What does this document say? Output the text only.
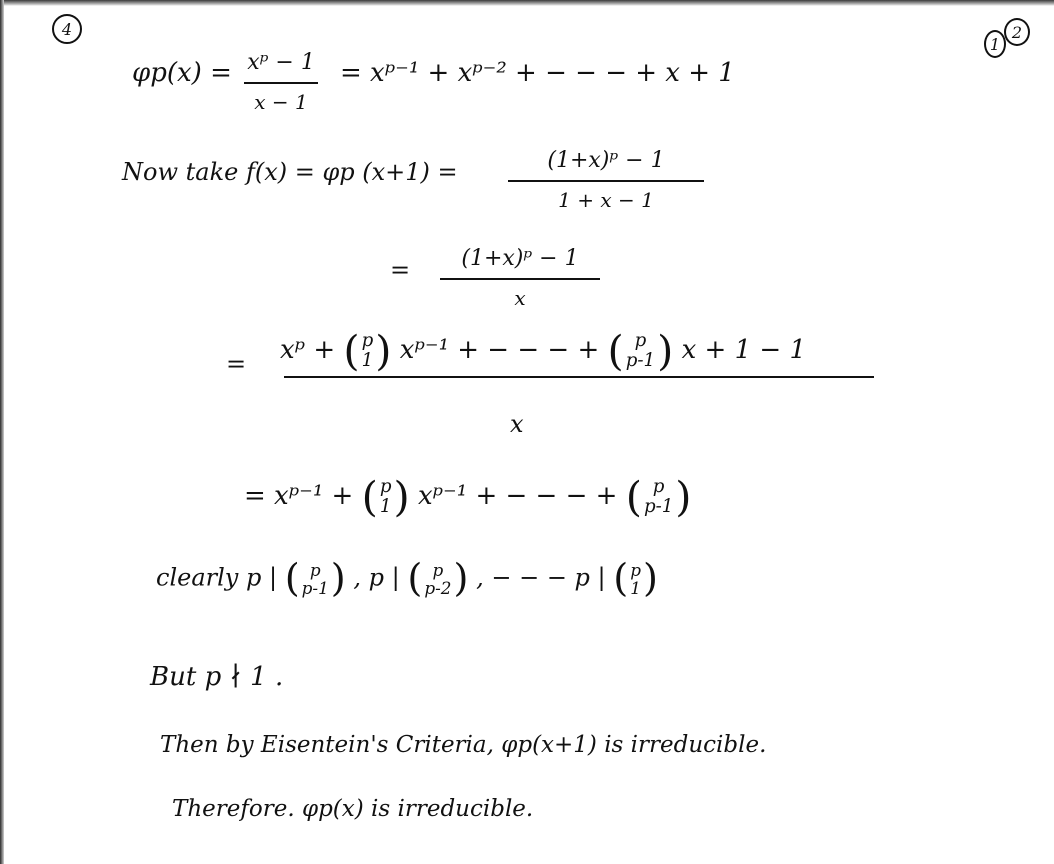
4
1
2
φp(x) = xᵖ − 1
x − 1
= xᵖ⁻¹ + xᵖ⁻² + − − − + x + 1
Now take f(x) = φp (x+1) =	(1+x)ᵖ − 1
1 + x − 1
= (1+x)ᵖ − 1
x
= xᵖ + ( p
1 ) xᵖ⁻¹ + − − − + ( p
p-1 ) x + 1 − 1
x
= xᵖ⁻¹ + ( p
1 ) xᵖ⁻¹ + − − − + ( p
p-1 )
clearly p | ( p
p-1 ) , p | ( p
p-2 ) , − − − p | ( p
1 )
But p ∤ 1 .
Then by Eisentein's Criteria, φp(x+1) is irreducible.
Therefore. φp(x) is irreducible.
